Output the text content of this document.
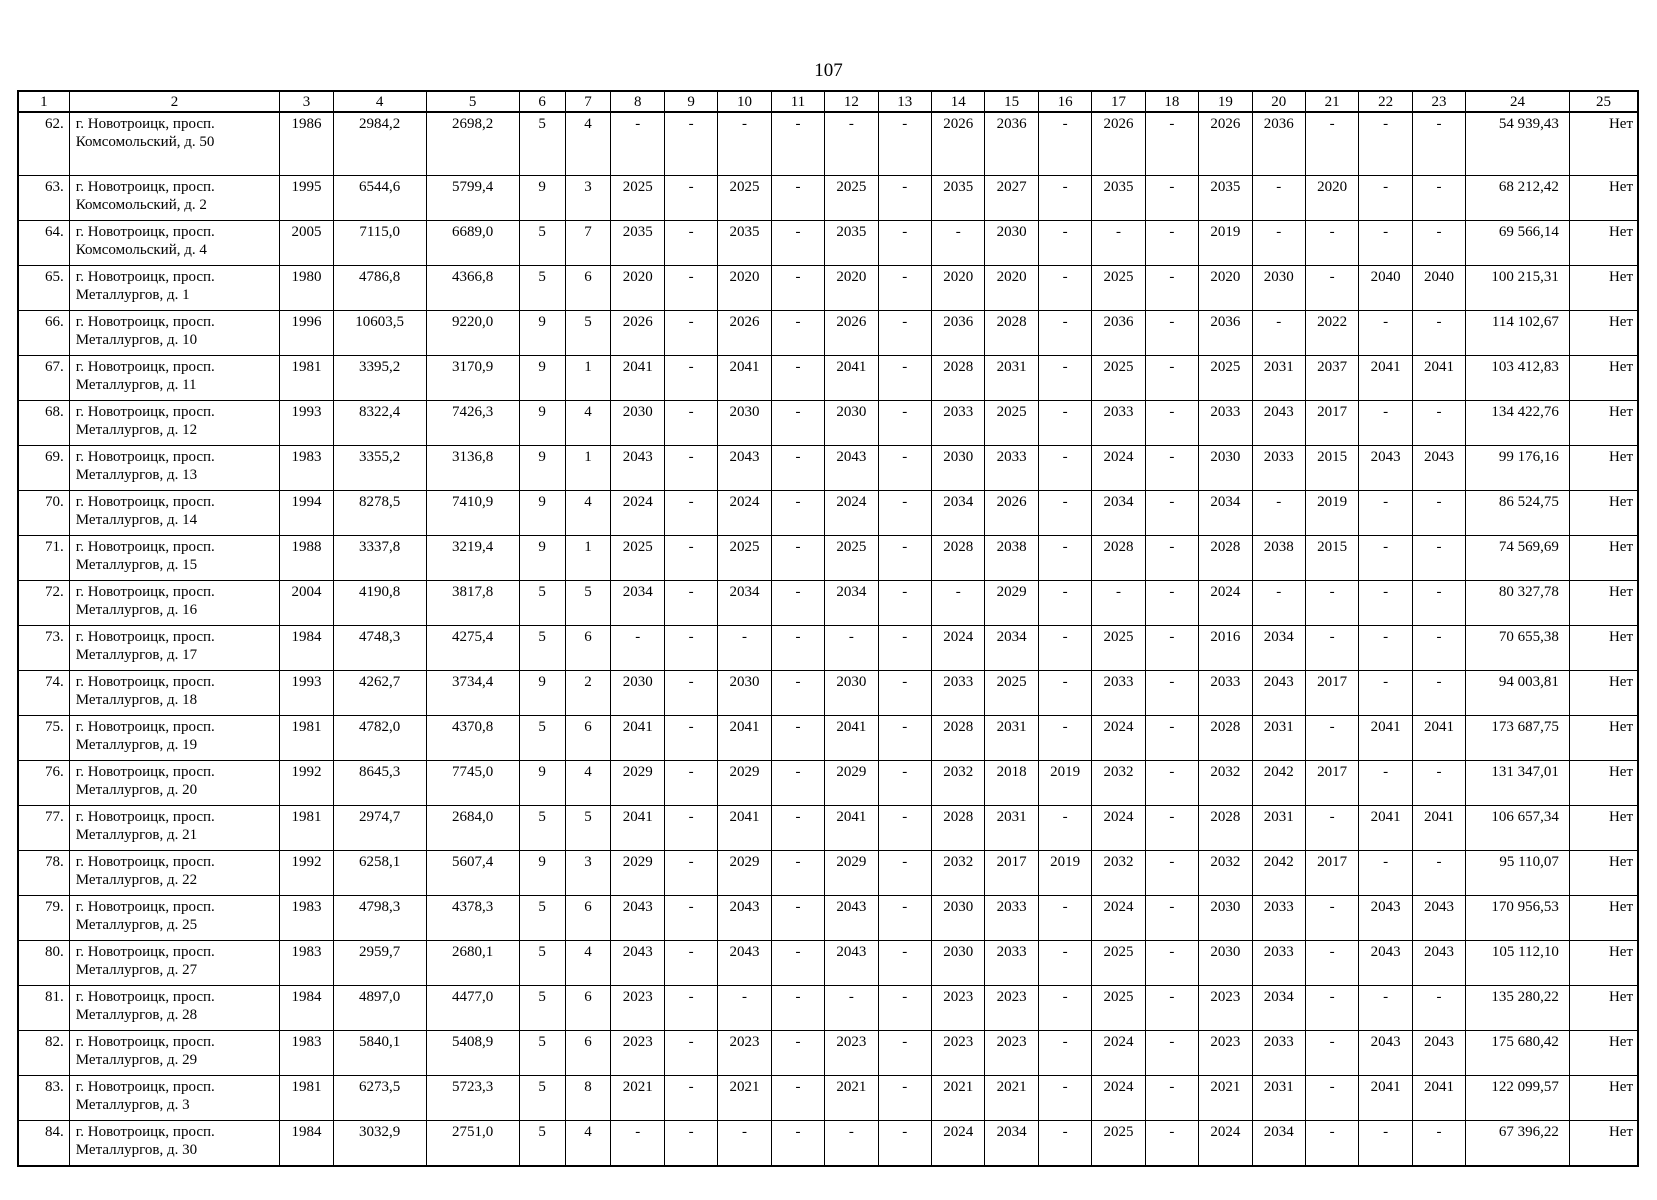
107
1	2	3	4	5	6	7	8	9	10	11	12	13	14	15	16	17	18	19	20	21	22	23	24	25
62.	г. Новотроицк, просп. Комсомольский, д. 50	1986	2984,2	2698,2	5	4	-	-	-	-	-	-	2026	2036	-	2026	-	2026	2036	-	-	-	54 939,43	Нет
63.	г. Новотроицк, просп. Комсомольский, д. 2	1995	6544,6	5799,4	9	3	2025	-	2025	-	2025	-	2035	2027	-	2035	-	2035	-	2020	-	-	68 212,42	Нет
64.	г. Новотроицк, просп. Комсомольский, д. 4	2005	7115,0	6689,0	5	7	2035	-	2035	-	2035	-	-	2030	-	-	-	2019	-	-	-	-	69 566,14	Нет
65.	г. Новотроицк, просп. Металлургов, д. 1	1980	4786,8	4366,8	5	6	2020	-	2020	-	2020	-	2020	2020	-	2025	-	2020	2030	-	2040	2040	100 215,31	Нет
66.	г. Новотроицк, просп. Металлургов, д. 10	1996	10603,5	9220,0	9	5	2026	-	2026	-	2026	-	2036	2028	-	2036	-	2036	-	2022	-	-	114 102,67	Нет
67.	г. Новотроицк, просп. Металлургов, д. 11	1981	3395,2	3170,9	9	1	2041	-	2041	-	2041	-	2028	2031	-	2025	-	2025	2031	2037	2041	2041	103 412,83	Нет
68.	г. Новотроицк, просп. Металлургов, д. 12	1993	8322,4	7426,3	9	4	2030	-	2030	-	2030	-	2033	2025	-	2033	-	2033	2043	2017	-	-	134 422,76	Нет
69.	г. Новотроицк, просп. Металлургов, д. 13	1983	3355,2	3136,8	9	1	2043	-	2043	-	2043	-	2030	2033	-	2024	-	2030	2033	2015	2043	2043	99 176,16	Нет
70.	г. Новотроицк, просп. Металлургов, д. 14	1994	8278,5	7410,9	9	4	2024	-	2024	-	2024	-	2034	2026	-	2034	-	2034	-	2019	-	-	86 524,75	Нет
71.	г. Новотроицк, просп. Металлургов, д. 15	1988	3337,8	3219,4	9	1	2025	-	2025	-	2025	-	2028	2038	-	2028	-	2028	2038	2015	-	-	74 569,69	Нет
72.	г. Новотроицк, просп. Металлургов, д. 16	2004	4190,8	3817,8	5	5	2034	-	2034	-	2034	-	-	2029	-	-	-	2024	-	-	-	-	80 327,78	Нет
73.	г. Новотроицк, просп. Металлургов, д. 17	1984	4748,3	4275,4	5	6	-	-	-	-	-	-	2024	2034	-	2025	-	2016	2034	-	-	-	70 655,38	Нет
74.	г. Новотроицк, просп. Металлургов, д. 18	1993	4262,7	3734,4	9	2	2030	-	2030	-	2030	-	2033	2025	-	2033	-	2033	2043	2017	-	-	94 003,81	Нет
75.	г. Новотроицк, просп. Металлургов, д. 19	1981	4782,0	4370,8	5	6	2041	-	2041	-	2041	-	2028	2031	-	2024	-	2028	2031	-	2041	2041	173 687,75	Нет
76.	г. Новотроицк, просп. Металлургов, д. 20	1992	8645,3	7745,0	9	4	2029	-	2029	-	2029	-	2032	2018	2019	2032	-	2032	2042	2017	-	-	131 347,01	Нет
77.	г. Новотроицк, просп. Металлургов, д. 21	1981	2974,7	2684,0	5	5	2041	-	2041	-	2041	-	2028	2031	-	2024	-	2028	2031	-	2041	2041	106 657,34	Нет
78.	г. Новотроицк, просп. Металлургов, д. 22	1992	6258,1	5607,4	9	3	2029	-	2029	-	2029	-	2032	2017	2019	2032	-	2032	2042	2017	-	-	95 110,07	Нет
79.	г. Новотроицк, просп. Металлургов, д. 25	1983	4798,3	4378,3	5	6	2043	-	2043	-	2043	-	2030	2033	-	2024	-	2030	2033	-	2043	2043	170 956,53	Нет
80.	г. Новотроицк, просп. Металлургов, д. 27	1983	2959,7	2680,1	5	4	2043	-	2043	-	2043	-	2030	2033	-	2025	-	2030	2033	-	2043	2043	105 112,10	Нет
81.	г. Новотроицк, просп. Металлургов, д. 28	1984	4897,0	4477,0	5	6	2023	-	-	-	-	-	2023	2023	-	2025	-	2023	2034	-	-	-	135 280,22	Нет
82.	г. Новотроицк, просп. Металлургов, д. 29	1983	5840,1	5408,9	5	6	2023	-	2023	-	2023	-	2023	2023	-	2024	-	2023	2033	-	2043	2043	175 680,42	Нет
83.	г. Новотроицк, просп. Металлургов, д. 3	1981	6273,5	5723,3	5	8	2021	-	2021	-	2021	-	2021	2021	-	2024	-	2021	2031	-	2041	2041	122 099,57	Нет
84.	г. Новотроицк, просп. Металлургов, д. 30	1984	3032,9	2751,0	5	4	-	-	-	-	-	-	2024	2034	-	2025	-	2024	2034	-	-	-	67 396,22	Нет
